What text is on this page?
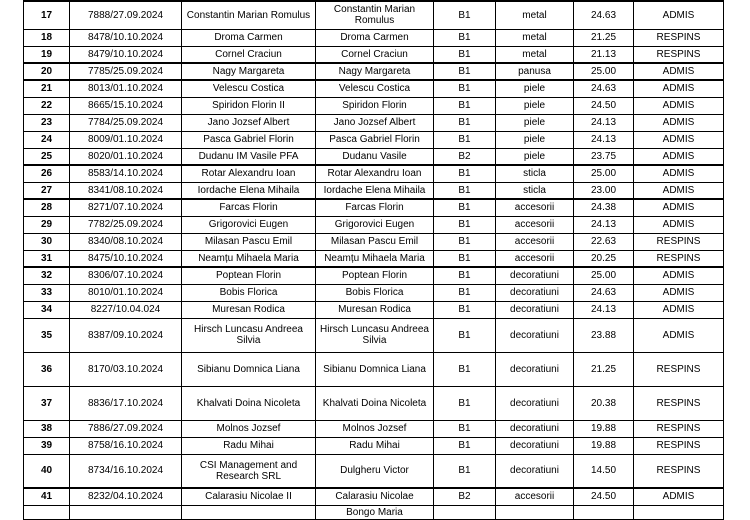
17	7888/27.09.2024	Constantin Marian Romulus	Constantin Marian Romulus	B1	metal	24.63	ADMIS
18	8478/10.10.2024	Droma Carmen	Droma Carmen	B1	metal	21.25	RESPINS
19	8479/10.10.2024	Cornel Craciun	Cornel Craciun	B1	metal	21.13	RESPINS
20	7785/25.09.2024	Nagy Margareta	Nagy Margareta	B1	panusa	25.00	ADMIS
21	8013/01.10.2024	Velescu Costica	Velescu Costica	B1	piele	24.63	ADMIS
22	8665/15.10.2024	Spiridon Florin II	Spiridon Florin	B1	piele	24.50	ADMIS
23	7784/25.09.2024	Jano Jozsef Albert	Jano Jozsef Albert	B1	piele	24.13	ADMIS
24	8009/01.10.2024	Pasca Gabriel Florin	Pasca Gabriel Florin	B1	piele	24.13	ADMIS
25	8020/01.10.2024	Dudanu IM Vasile PFA	Dudanu Vasile	B2	piele	23.75	ADMIS
26	8583/14.10.2024	Rotar Alexandru Ioan	Rotar Alexandru Ioan	B1	sticla	25.00	ADMIS
27	8341/08.10.2024	Iordache Elena Mihaila	Iordache Elena Mihaila	B1	sticla	23.00	ADMIS
28	8271/07.10.2024	Farcas Florin	Farcas Florin	B1	accesorii	24.38	ADMIS
29	7782/25.09.2024	Grigorovici Eugen	Grigorovici Eugen	B1	accesorii	24.13	ADMIS
30	8340/08.10.2024	Milasan Pascu Emil	Milasan Pascu Emil	B1	accesorii	22.63	RESPINS
31	8475/10.10.2024	Neamțu Mihaela Maria	Neamțu Mihaela Maria	B1	accesorii	20.25	RESPINS
32	8306/07.10.2024	Poptean Florin	Poptean Florin	B1	decoratiuni	25.00	ADMIS
33	8010/01.10.2024	Bobis Florica	Bobis Florica	B1	decoratiuni	24.63	ADMIS
34	8227/10.04.024	Muresan Rodica	Muresan Rodica	B1	decoratiuni	24.13	ADMIS
35	8387/09.10.2024	Hirsch Luncasu Andreea Silvia	Hirsch Luncasu Andreea Silvia	B1	decoratiuni	23.88	ADMIS
36	8170/03.10.2024	Sibianu Domnica Liana	Sibianu Domnica Liana	B1	decoratiuni	21.25	RESPINS
37	8836/17.10.2024	Khalvati Doina Nicoleta	Khalvati Doina Nicoleta	B1	decoratiuni	20.38	RESPINS
38	7886/27.09.2024	Molnos Jozsef	Molnos Jozsef	B1	decoratiuni	19.88	RESPINS
39	8758/16.10.2024	Radu Mihai	Radu Mihai	B1	decoratiuni	19.88	RESPINS
40	8734/16.10.2024	CSI Management and Research SRL	Dulgheru Victor	B1	decoratiuni	14.50	RESPINS
41	8232/04.10.2024	Calarasiu Nicolae II	Calarasiu Nicolae	B2	accesorii	24.50	ADMIS
			Bongo Maria				
